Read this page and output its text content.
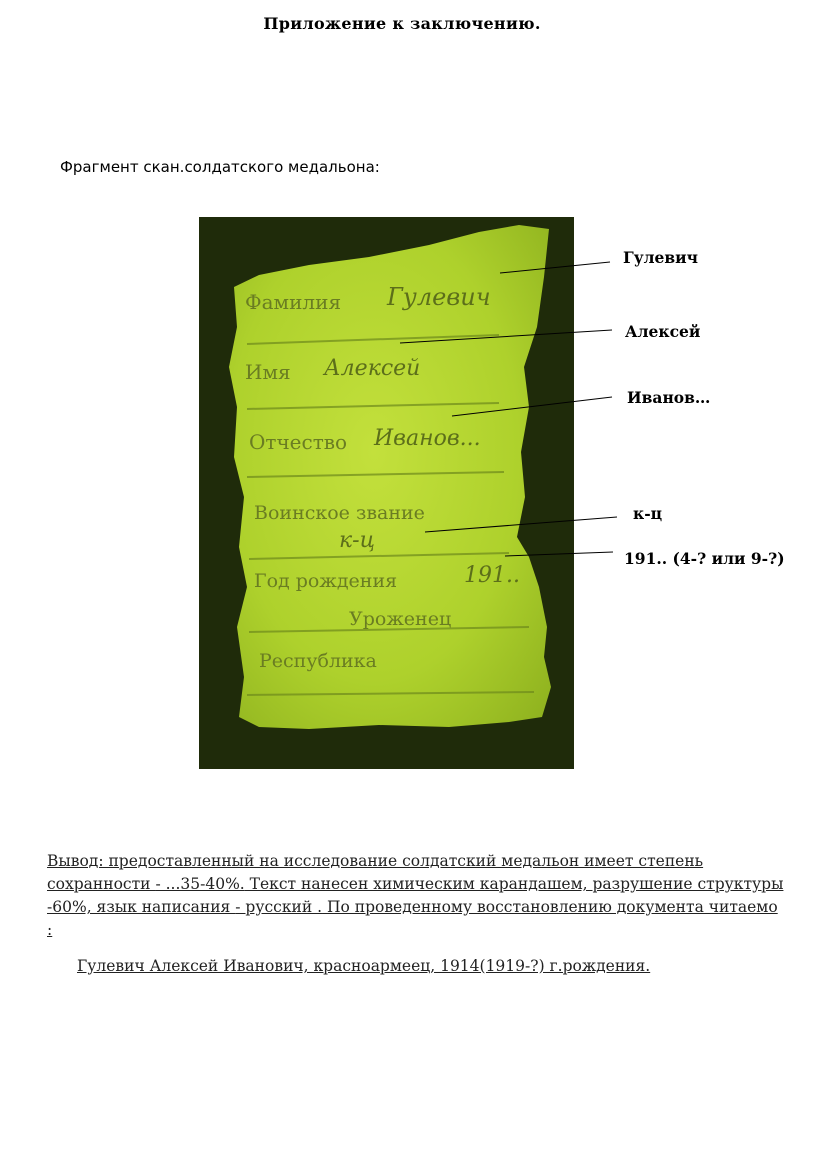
Приложение к заключению.
Фрагмент скан.солдатского медальона:
Фамилия
Имя
Отчество
Воинское звание
Год рождения
Уроженец
Республика
Гулевич
Алексей
Иванов...
к-ц
191..
Гулевич
Алексей
Иванов…
к-ц
191.. (4-? или 9-?)
Вывод: предоставленный на исследование солдатский медальон имеет степень сохранности - ...35-40%. Текст нанесен химическим карандашем, разрушение структуры -60%, язык написания - русский . По проведенному восстановлению документа читаемо :
Гулевич Алексей Иванович, красноармеец, 1914(1919-?) г.рождения.
